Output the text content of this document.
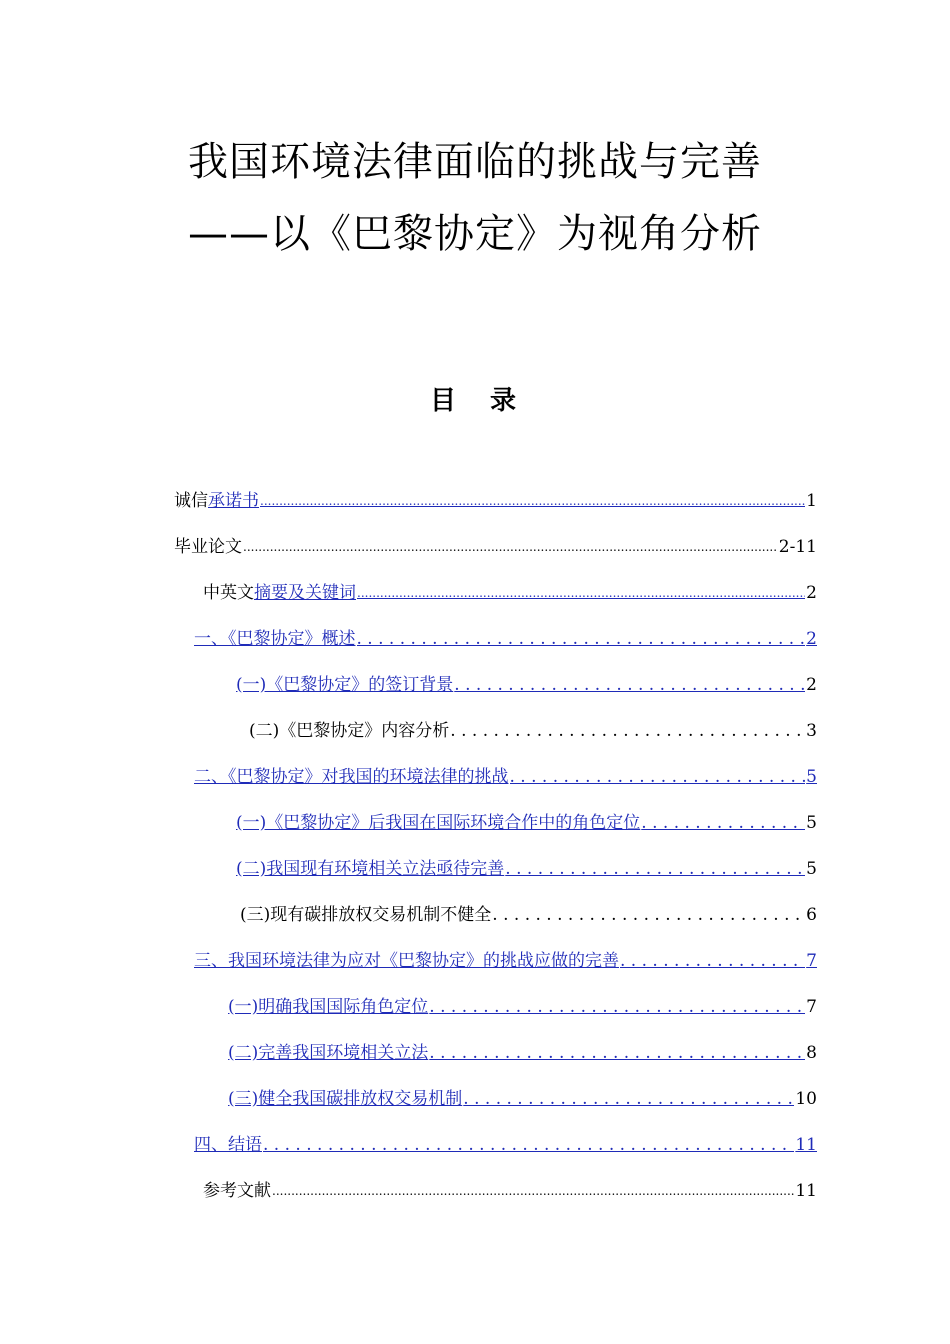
我国环境法律面临的挑战与完善
——以《巴黎协定》为视角分析
目　录
诚信 承诺书 .....	1
毕业论文 .....	2-11
中英文 摘要及关键词 .....	2
一、《巴黎协定》概述 . . .	2
(一)《巴黎协定》的签订背景 . . .	2
(二)《巴黎协定》内容分析 . . .	3
二、《巴黎协定》对我国的环境法律的挑战 . . .	5
(一)《巴黎协定》后我国在国际环境合作中的角色定位 . . .	5
(二)我国现有环境相关立法亟待完善 . . .	5
(三)现有碳排放权交易机制不健全 . . .	6
三、我国环境法律为应对《巴黎协定》的挑战应做的完善 . . .	7
(一)明确我国国际角色定位 . . .	7
(二)完善我国环境相关立法 . . .	8
(三)健全我国碳排放权交易机制 . . .	10
四、结语 . . .	11
参考文献 .....	11
